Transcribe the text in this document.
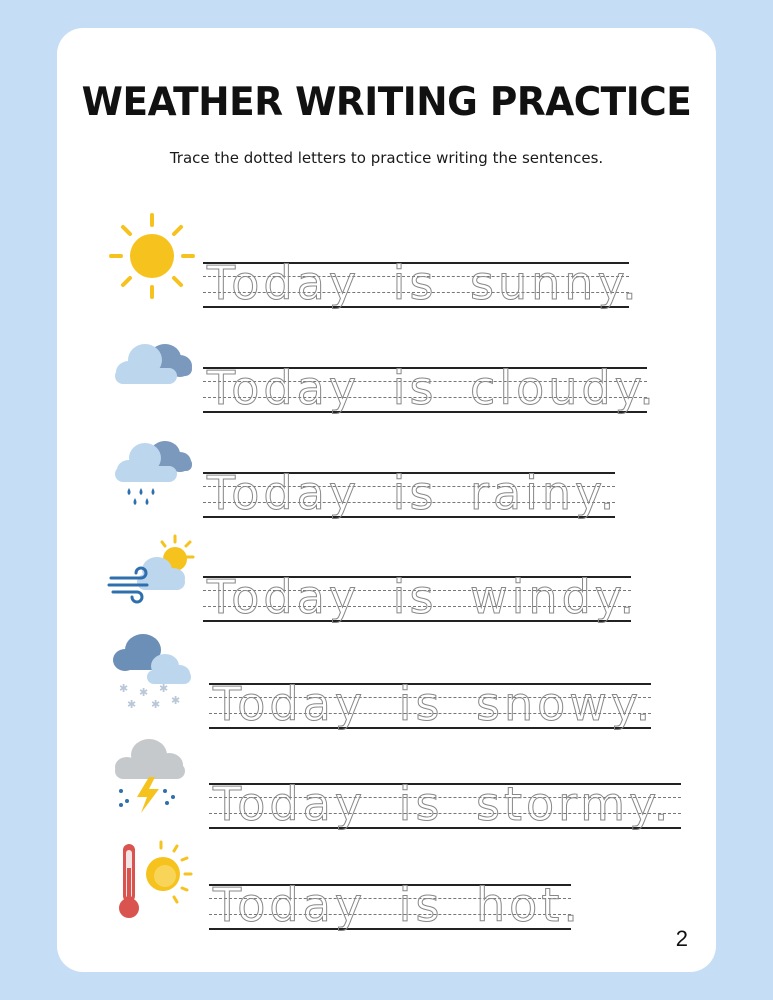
WEATHER WRITING PRACTICE
Trace the dotted letters to practice writing the sentences.
Today is sunny.
Today is cloudy.
Today is rainy.
Today is windy.
✱ ✱ ✱
✱ ✱ ✱ Today is snowy.
Today is stormy.
Today is hot.
2
